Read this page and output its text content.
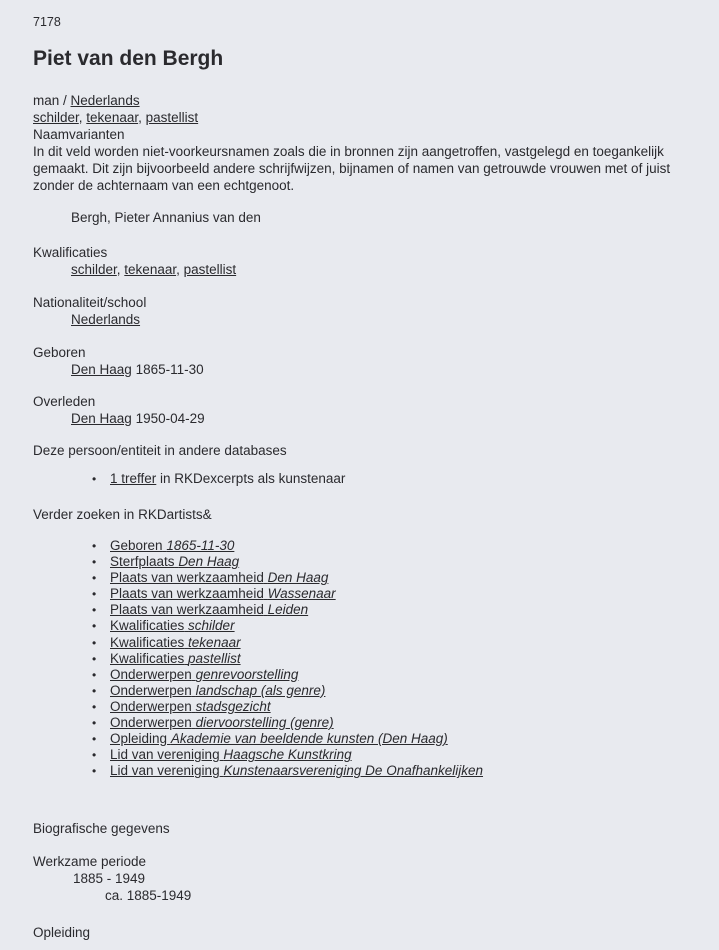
7178
Piet van den Bergh
man / Nederlands
schilder, tekenaar, pastellist
Naamvarianten
In dit veld worden niet-voorkeursnamen zoals die in bronnen zijn aangetroffen, vastgelegd en toegankelijk gemaakt. Dit zijn bijvoorbeeld andere schrijfwijzen, bijnamen of namen van getrouwde vrouwen met of juist zonder de achternaam van een echtgenoot.
Bergh, Pieter Annanius van den
Kwalificaties
schilder, tekenaar, pastellist
Nationaliteit/school
Nederlands
Geboren
Den Haag 1865-11-30
Overleden
Den Haag 1950-04-29
Deze persoon/entiteit in andere databases
• 1 treffer in RKDexcerpts als kunstenaar
Verder zoeken in RKDartists&
• Geboren 1865-11-30
• Sterfplaats Den Haag
• Plaats van werkzaamheid Den Haag
• Plaats van werkzaamheid Wassenaar
• Plaats van werkzaamheid Leiden
• Kwalificaties schilder
• Kwalificaties tekenaar
• Kwalificaties pastellist
• Onderwerpen genrevoorstelling
• Onderwerpen landschap (als genre)
• Onderwerpen stadsgezicht
• Onderwerpen diervoorstelling (genre)
• Opleiding Akademie van beeldende kunsten (Den Haag)
• Lid van vereniging Haagsche Kunstkring
• Lid van vereniging Kunstenaarsvereniging De Onafhankelijken
Biografische gegevens
Werkzame periode
1885 - 1949
ca. 1885-1949
Opleiding
